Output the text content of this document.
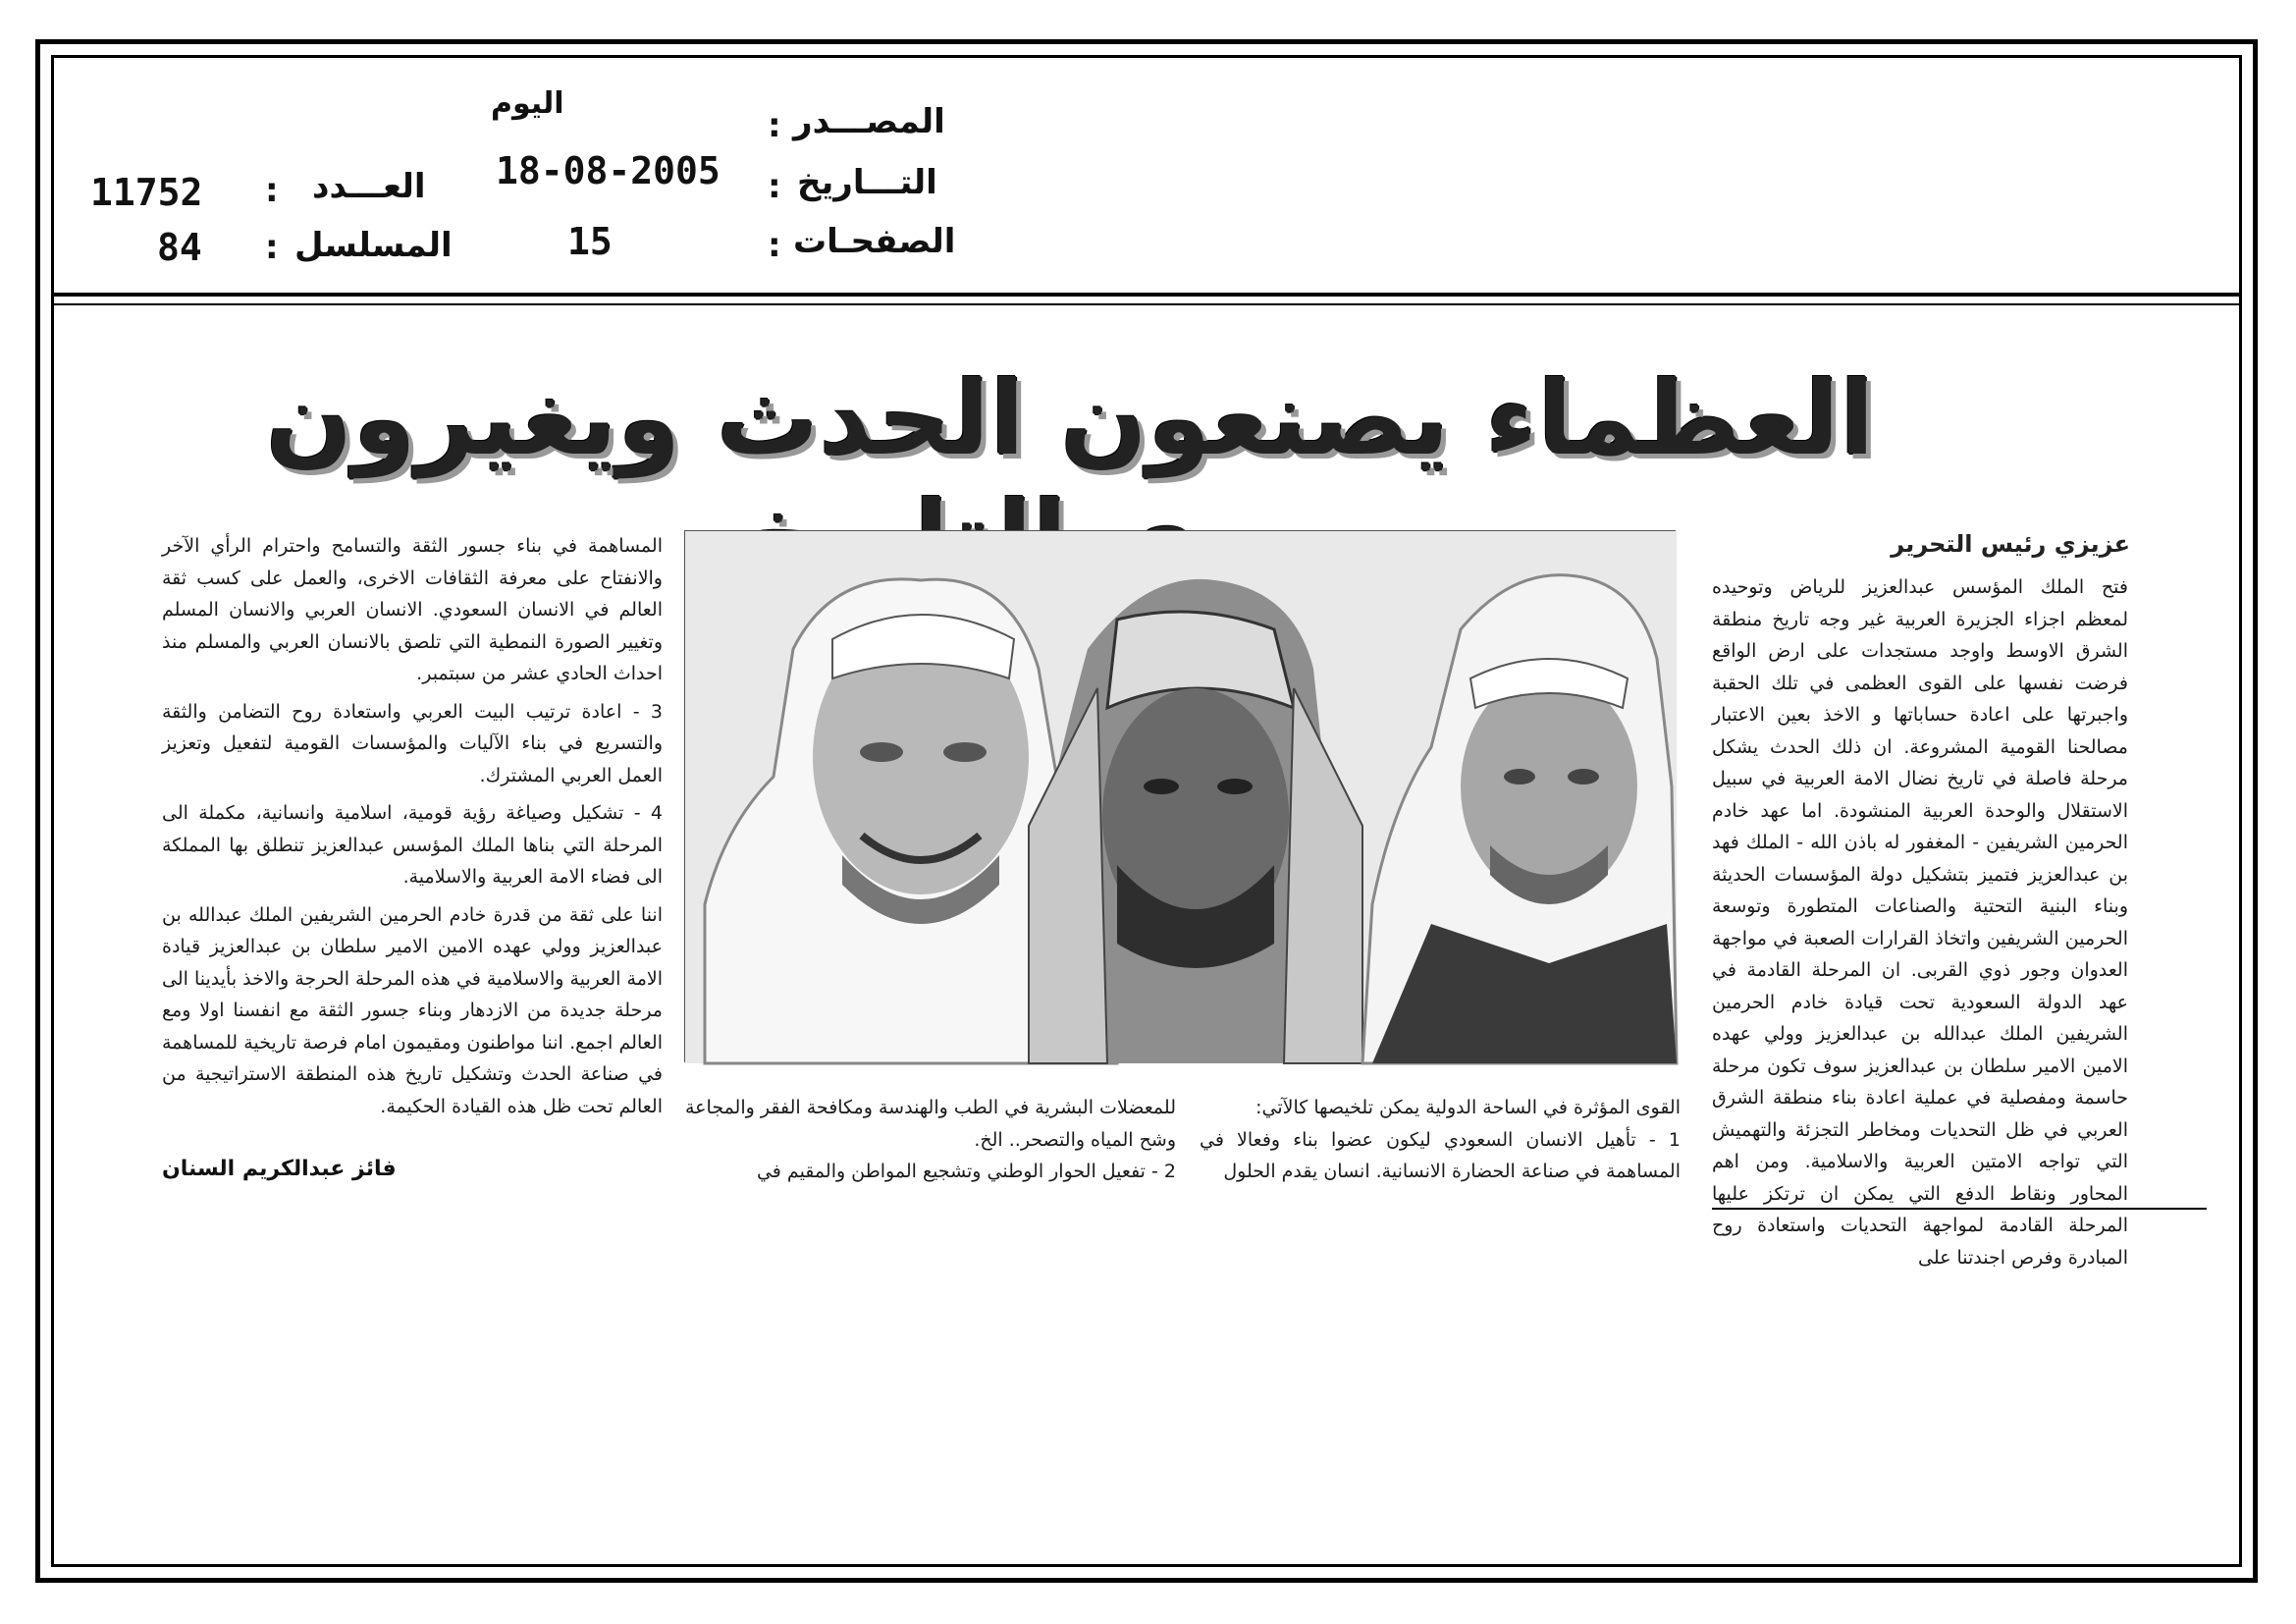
المصـــدر
:
اليوم
التـــاريخ
:
18-08-2005
الصفحـات
:
15
العـــدد
:
11752
المسلسل
:
84
العظماء يصنعون الحدث ويغيرون
عزيزي رئيس التحرير

فتح الملك المؤسس عبدالعزيز للرياض وتوحيده لمعظم اجزاء الجزيرة العربية غير وجه تاريخ منطقة الشرق الاوسط واوجد مستجدات على ارض الواقع فرضت نفسها على القوى العظمى في تلك الحقبة واجبرتها على اعادة حساباتها و الاخذ بعين الاعتبار مصالحنا القومية المشروعة. ان ذلك الحدث يشكل مرحلة فاصلة في تاريخ نضال الامة العربية في سبيل الاستقلال والوحدة العربية المنشودة. اما عهد خادم الحرمين الشريفين - المغفور له باذن الله - الملك فهد بن عبدالعزيز فتميز بتشكيل دولة المؤسسات الحديثة وبناء البنية التحتية والصناعات المتطورة وتوسعة الحرمين الشريفين واتخاذ القرارات الصعبة في مواجهة العدوان وجور ذوي القربى. ان المرحلة القادمة في عهد الدولة السعودية تحت قيادة خادم الحرمين الشريفين الملك عبدالله بن عبدالعزيز وولي عهده الامين الامير سلطان بن عبدالعزيز سوف تكون مرحلة حاسمة ومفصلية في عملية اعادة بناء منطقة الشرق العربي في ظل التحديات ومخاطر التجزئة والتهميش التي تواجه الامتين العربية والاسلامية. ومن اهم المحاور ونقاط الدفع التي يمكن ان ترتكز عليها المرحلة القادمة لمواجهة التحديات واستعادة روح المبادرة وفرص اجندتنا على

القوى المؤثرة في الساحة الدولية يمكن تلخيصها كالآتي:
1 - تأهيل الانسان السعودي ليكون عضوا بناء وفعالا في المساهمة في صناعة الحضارة الانسانية. انسان يقدم الحلول

للمعضلات البشرية في الطب والهندسة ومكافحة الفقر والمجاعة وشح المياه والتصحر.. الخ.
2 - تفعيل الحوار الوطني وتشجيع المواطن والمقيم في

المساهمة في بناء جسور الثقة والتسامح واحترام الرأي الآخر والانفتاح على معرفة الثقافات الاخرى، والعمل على كسب ثقة العالم في الانسان السعودي. الانسان العربي والانسان المسلم وتغيير الصورة النمطية التي تلصق بالانسان العربي والمسلم منذ احداث الحادي عشر من سبتمبر.

3 - اعادة ترتيب البيت العربي واستعادة روح التضامن والثقة والتسريع في بناء الآليات والمؤسسات القومية لتفعيل وتعزيز العمل العربي المشترك.

4 - تشكيل وصياغة رؤية قومية، اسلامية وانسانية، مكملة الى المرحلة التي بناها الملك المؤسس عبدالعزيز تنطلق بها المملكة الى فضاء الامة العربية والاسلامية.

اننا على ثقة من قدرة خادم الحرمين الشريفين الملك عبدالله بن عبدالعزيز وولي عهده الامين الامير سلطان بن عبدالعزيز قيادة الامة العربية والاسلامية في هذه المرحلة الحرجة والاخذ بأيدينا الى مرحلة جديدة من الازدهار وبناء جسور الثقة مع انفسنا اولا ومع العالم اجمع. اننا مواطنون ومقيمون امام فرصة تاريخية للمساهمة في صناعة الحدث وتشكيل تاريخ هذه المنطقة الاستراتيجية من العالم تحت ظل هذه القيادة الحكيمة.

فائز عبدالكريم السنان
